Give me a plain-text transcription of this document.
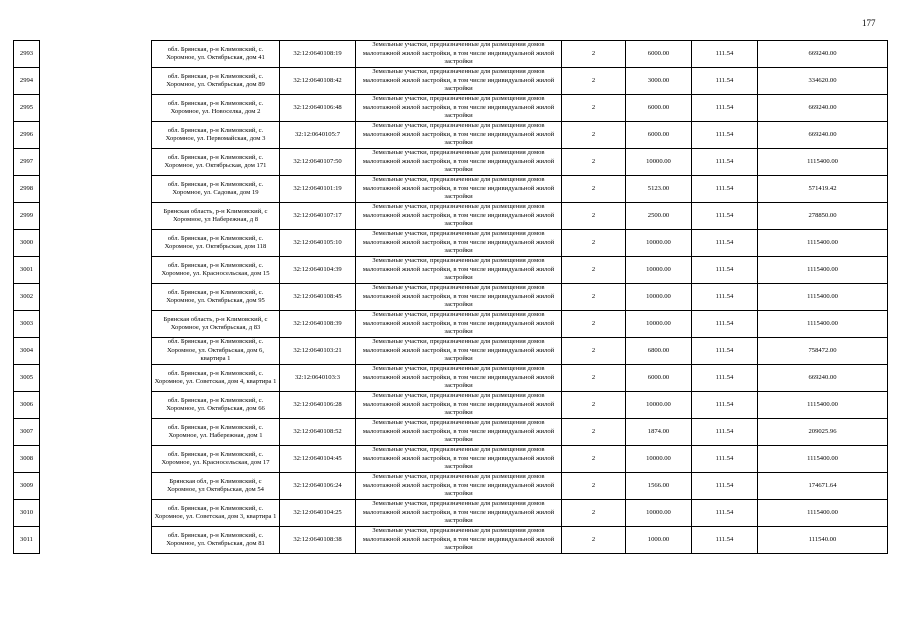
177
2993		обл. Брянская, р-н Климовский, с. Хоромное, ул. Октябрьская, дом 41	32:12:0640108:19	Земельные участки, предназначенные для размещения домов малоэтажной жилой застройки, в том числе индивидуальной жилой застройки	2	6000.00	111.54	669240.00
2994		обл. Брянская, р-н Климовский, с. Хоромное, ул. Октябрьская, дом 89	32:12:0640108:42	Земельные участки, предназначенные для размещения домов малоэтажной жилой застройки, в том числе индивидуальной жилой застройки	2	3000.00	111.54	334620.00
2995		обл. Брянская, р-н Климовский, с. Хоромное, ул. Новоселка, дом 2	32:12:0640106:48	Земельные участки, предназначенные для размещения домов малоэтажной жилой застройки, в том числе индивидуальной жилой застройки	2	6000.00	111.54	669240.00
2996		обл. Брянская, р-н Климовский, с. Хоромное, ул. Первомайская, дом 3	32:12:0640105:7	Земельные участки, предназначенные для размещения домов малоэтажной жилой застройки, в том числе индивидуальной жилой застройки	2	6000.00	111.54	669240.00
2997		обл. Брянская, р-н Климовский, с. Хоромное, ул. Октябрьская, дом 171	32:12:0640107:50	Земельные участки, предназначенные для размещения домов малоэтажной жилой застройки, в том числе индивидуальной жилой застройки	2	10000.00	111.54	1115400.00
2998		обл. Брянская, р-н Климовский, с. Хоромное, ул. Садовая, дом 19	32:12:0640101:19	Земельные участки, предназначенные для размещения домов малоэтажной жилой застройки, в том числе индивидуальной жилой застройки	2	5123.00	111.54	571419.42
2999		Брянская область, р-н Климовский, с Хоромное, ул Набережная, д 8	32:12:0640107:17	Земельные участки, предназначенные для размещения домов малоэтажной жилой застройки, в том числе индивидуальной жилой застройки	2	2500.00	111.54	278850.00
3000		обл. Брянская, р-н Климовский, с. Хоромное, ул. Октябрьская, дом 118	32:12:0640105:10	Земельные участки, предназначенные для размещения домов малоэтажной жилой застройки, в том числе индивидуальной жилой застройки	2	10000.00	111.54	1115400.00
3001		обл. Брянская, р-н Климовский, с. Хоромное, ул. Красносельская, дом 15	32:12:0640104:39	Земельные участки, предназначенные для размещения домов малоэтажной жилой застройки, в том числе индивидуальной жилой застройки	2	10000.00	111.54	1115400.00
3002		обл. Брянская, р-н Климовский, с. Хоромное, ул. Октябрьская, дом 95	32:12:0640108:45	Земельные участки, предназначенные для размещения домов малоэтажной жилой застройки, в том числе индивидуальной жилой застройки	2	10000.00	111.54	1115400.00
3003		Брянская область, р-н Климовский, с Хоромное, ул Октябрьская, д 83	32:12:0640108:39	Земельные участки, предназначенные для размещения домов малоэтажной жилой застройки, в том числе индивидуальной жилой застройки	2	10000.00	111.54	1115400.00
3004		обл. Брянская, р-н Климовский, с. Хоромное, ул. Октябрьская, дом 6, квартира 1	32:12:0640103:21	Земельные участки, предназначенные для размещения домов малоэтажной жилой застройки, в том числе индивидуальной жилой застройки	2	6800.00	111.54	758472.00
3005		обл. Брянская, р-н Климовский, с. Хоромное, ул. Советская, дом 4, квартира 1	32:12:0640103:3	Земельные участки, предназначенные для размещения домов малоэтажной жилой застройки, в том числе индивидуальной жилой застройки	2	6000.00	111.54	669240.00
3006		обл. Брянская, р-н Климовский, с. Хоромное, ул. Октябрьская, дом 66	32:12:0640106:28	Земельные участки, предназначенные для размещения домов малоэтажной жилой застройки, в том числе индивидуальной жилой застройки	2	10000.00	111.54	1115400.00
3007		обл. Брянская, р-н Климовский, с. Хоромное, ул. Набережная, дом 1	32:12:0640108:52	Земельные участки, предназначенные для размещения домов малоэтажной жилой застройки, в том числе индивидуальной жилой застройки	2	1874.00	111.54	209025.96
3008		обл. Брянская, р-н Климовский, с. Хоромное, ул. Красносельская, дом 17	32:12:0640104:45	Земельные участки, предназначенные для размещения домов малоэтажной жилой застройки, в том числе индивидуальной жилой застройки	2	10000.00	111.54	1115400.00
3009		Брянская обл, р-н Климовский, с Хоромное, ул Октябрьская, дом 54	32:12:0640106:24	Земельные участки, предназначенные для размещения домов малоэтажной жилой застройки, в том числе индивидуальной жилой застройки	2	1566.00	111.54	174671.64
3010		обл. Брянская, р-н Климовский, с. Хоромное, ул. Советская, дом 3, квартира 1	32:12:0640104:25	Земельные участки, предназначенные для размещения домов малоэтажной жилой застройки, в том числе индивидуальной жилой застройки	2	10000.00	111.54	1115400.00
3011		обл. Брянская, р-н Климовский, с. Хоромное, ул. Октябрьская, дом 81	32:12:0640108:38	Земельные участки, предназначенные для размещения домов малоэтажной жилой застройки, в том числе индивидуальной жилой застройки	2	1000.00	111.54	111540.00
